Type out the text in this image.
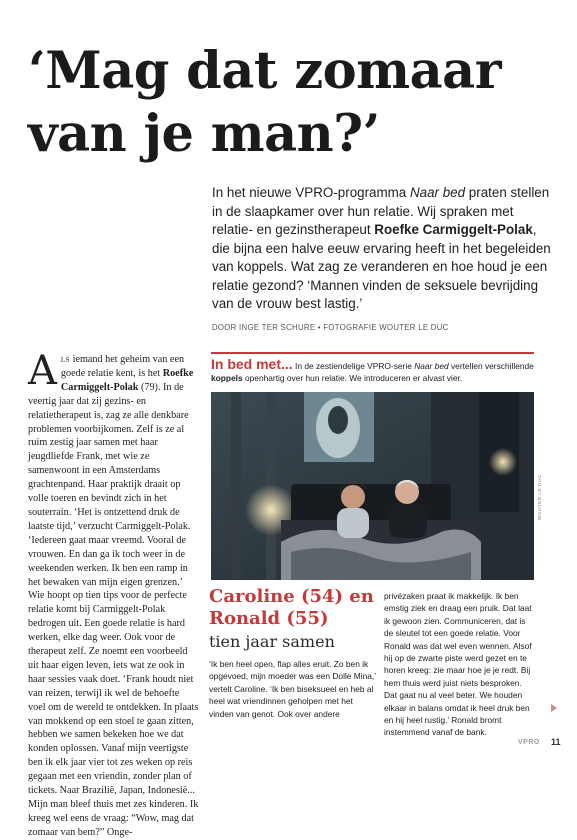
‘Mag dat zomaar
van je man?’

In het nieuwe VPRO-programma Naar bed praten stellen in de slaapkamer over hun relatie. Wij spraken met relatie- en gezinstherapeut Roefke Carmiggelt-Polak, die bijna een halve eeuw ervaring heeft in het begeleiden van koppels. Wat zag ze veranderen en hoe houd je een relatie gezond? ‘Mannen vinden de seksuele bevrijding van de vrouw best lastig.’

DOOR INGE TER SCHURE • FOTOGRAFIE WOUTER LE DUC

Als iemand het geheim van een goede relatie kent, is het Roefke Carmiggelt-Polak (79). In de veertig jaar dat zij gezins- en relatietherapeut is, zag ze alle denkbare problemen voorbijkomen. Zelf is ze al ruim zestig jaar samen met haar jeugdliefde Frank, met wie ze samenwoont in een Amsterdams grachtenpand. Haar praktijk draait op volle toeren en bevindt zich in het souterrain. ‘Het is ontzettend druk de laatste tijd,’ verzucht Carmiggelt-Polak. ‘Iedereen gaat maar vreemd. Vooral de vrouwen. En dan ga ik toch weer in de weekenden werken. Ik ben een ramp in het bewaken van mijn eigen grenzen.’

Wie hoopt op tien tips voor de perfecte relatie komt bij Carmiggelt-Polak bedrogen uit. Een goede relatie is hard werken, elke dag weer. Ook voor de therapeut zelf. Ze noemt een voorbeeld uit haar eigen leven, iets wat ze ook in haar sessies vaak doet. ‘Frank houdt niet van reizen, terwijl ik wel de behoefte voel om de wereld te ontdekken. In plaats van mokkend op een stoel te gaan zitten, hebben we samen bekeken hoe we dat konden oplossen. Vanaf mijn veertigste ben ik elk jaar vier tot zes weken op reis gegaan met een vriendin, zonder plan of tickets. Naar Brazilië, Japan, Indonesië... Mijn man bleef thuis met zes kinderen. Ik kreeg wel eens de vraag: “Wow, mag dat zomaar van bem?” Onge-

In bed met... In de zestiendelige VPRO-serie Naar bed vertellen verschillende koppels openhartig over hun relatie. We introduceren er alvast vier.

WOUTER LE DUC
Caroline (54) en Ronald (55)
tien jaar samen

‘Ik ben heel open, flap alles eruit. Zo ben ik opgevoed, mijn moeder was een Dolle Mina,’ vertelt Caroline. ‘Ik ben biseksueel en heb al heel wat vriendinnen geholpen met het vinden van genot. Ook over andere

privézaken praat ik makkelijk. Ik ben emstig ziek en draag een pruik. Dat laat ik gewoon zien. Communiceren, dat is de sleutel tot een goede relatie. Voor Ronald was dat wel even wennen. Alsof hij op de zwarte piste werd gezet en te horen kreeg: zie maar hoe je je redt. Bij hem thuis werd juist niets besproken. Dat gaat nu al veel beter. We houden elkaar in balans omdat ik heel druk ben en hij heel rustig.’ Ronald bromt instemmend vanaf de bank.

VPRO 11
